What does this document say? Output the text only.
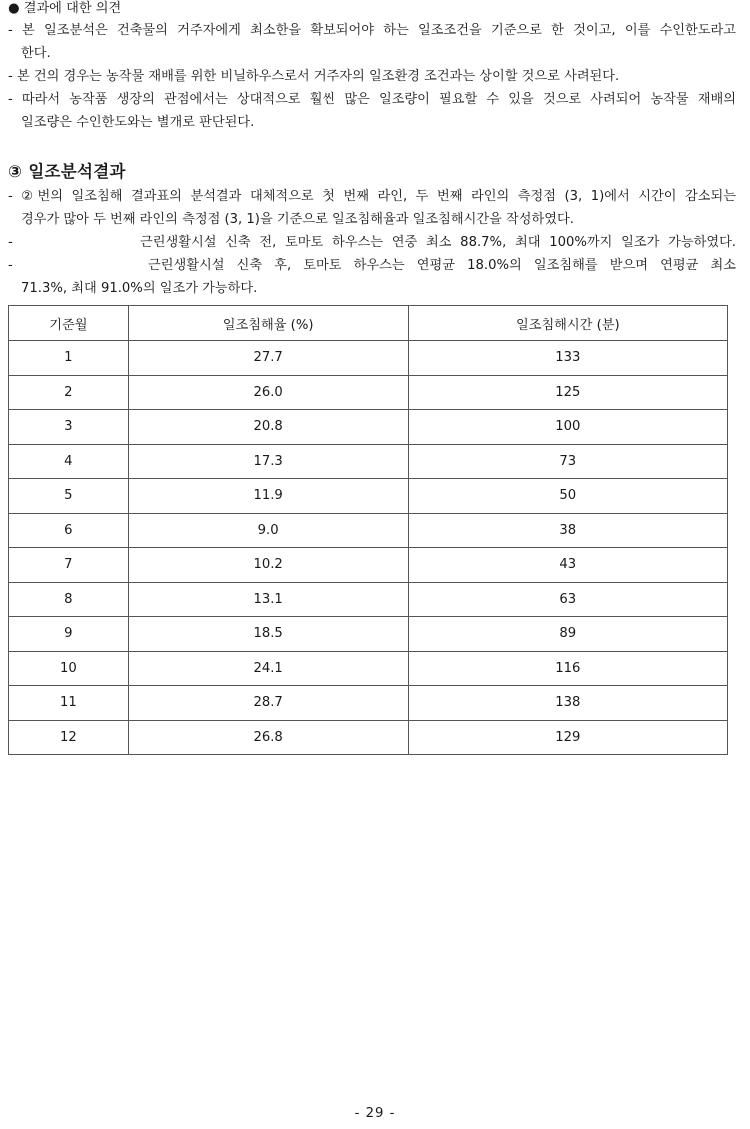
● 결과에 대한 의견
- 본 일조분석은 건축물의 거주자에게 최소한을 확보되어야 하는 일조조건을 기준으로 한 것이고, 이를 수인한도라고
한다.
- 본 건의 경우는 농작물 재배를 위한 비닐하우스로서 거주자의 일조환경 조건과는 상이할 것으로 사려된다.
- 따라서 농작품 생장의 관점에서는 상대적으로 훨씬 많은 일조량이 필요할 수 있을 것으로 사려되어 농작물 재배의
일조량은 수인한도와는 별개로 판단된다.
③ 일조분석결과
- ②번의 일조침해 결과표의 분석결과 대체적으로 첫 번째 라인, 두 번째 라인의 측정점 (3, 1)에서 시간이 감소되는
경우가 많아 두 번째 라인의 측정점 (3, 1)을 기준으로 일조침해율과 일조침해시간을 작성하였다.
-	근린생활시설 신축 전, 토마토 하우스는 연중 최소 88.7%, 최대 100%까지 일조가 가능하였다.
-	근린생활시설 신축 후, 토마토 하우스는 연평균 18.0%의 일조침해를 받으며 연평균 최소
71.3%, 최대 91.0%의 일조가 가능하다.
기준월	일조침해율 (%)	일조침해시간 (분)
1	27.7	133
2	26.0	125
3	20.8	100
4	17.3	73
5	11.9	50
6	9.0	38
7	10.2	43
8	13.1	63
9	18.5	89
10	24.1	116
11	28.7	138
12	26.8	129
- 29 -
